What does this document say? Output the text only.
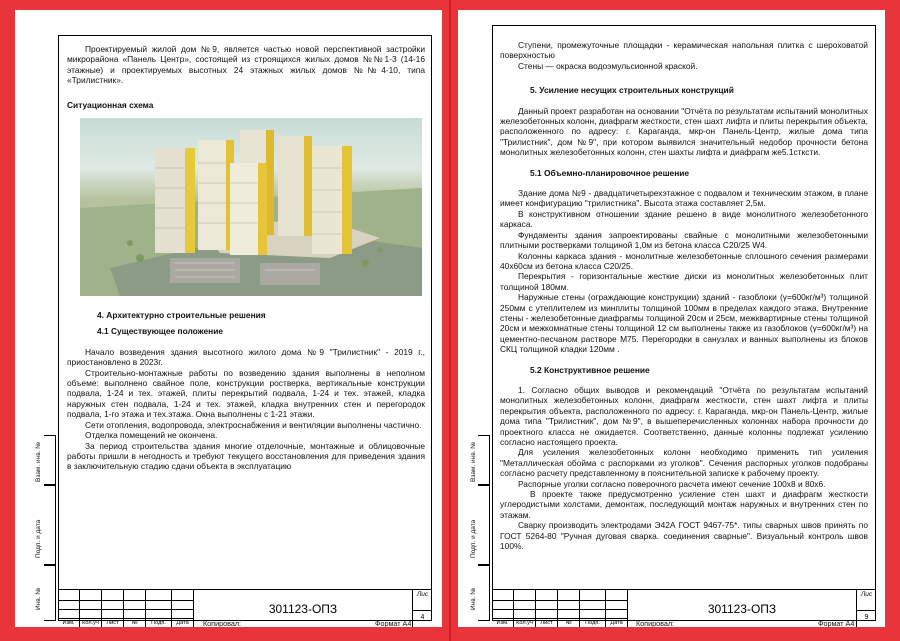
Проектируемый жилой дом №9, является частью новой перспективной застройки микрорайона «Панель Центр», состоящей из строящихся жилых домов №№1-3 (14-16 этажные) и проектируемых высотных 24 этажных жилых домов №№4-10, типа «Трилистник».

Ситуационная схема

4. Архитектурно строительные решения

4.1 Существующее положение

Начало возведения здания высотного жилого дома №9 "Трилистник" - 2019 г., приостановлено в 2023г.

Строительно-монтажные работы по возведению здания выполнены в неполном объеме: выполнено свайное поле, конструкции ростверка, вертикальные конструкции подвала, 1-24 и тех. этажей, плиты перекрытий подвала, 1-24 и тех. этажей, кладка наружных стен подвала, 1-24 и тех. этажей, кладка внутренних стен и перегородок подвала, 1-го этажа и тех.этажа. Окна выполнены с 1-21 этажи.

Сети отопления, водопровода, электроснабжения и вентиляции выполнены частично.

Отделка помещений не окончена.

За период строительства здания многие отделочные, монтажные и облицовочные работы пришли в негодность и требуют текущего восстановления для приведения здания в заключительную стадию сдачи объекта в эксплуатацию

Взам. инв. №
Подп. и дата
Инв. №
Изм.	Кол.уч	Лист	№	Подп.	Дата
301123-ОПЗ
Лис
4
Копировал:	Формат А4

Ступени, промежуточные площадки - керамическая напольная плитка с шероховатой поверхностью

Стены — окраска водоэмульсионной краской.

5. Усиление несущих строительных конструкций

Данный проект разработан на основании "Отчёта по результатам испытаний монолитных железобетонных колонн, диафрагм жесткости, стен шахт лифта и плиты перекрытия объекта, расположенного по адресу: г. Караганда, мкр-он Панель-Центр, жилые дома типа "Трилистник", дом №9", при котором выявился значительный недобор прочности бетона монолитных железобетонных колонн, стен шахты лифта и диафрагм же5.1стксти.

5.1 Объемно-планировочное решение

Здание дома №9 - двадцатичетырехэтажное с подвалом и техническим этажом, в плане имеет конфигурацию "трилистника". Высота этажа составляет 2,5м.

В конструктивном отношении здание решено в виде монолитного железобетонного каркаса.

Фундаменты здания запроектированы свайные с монолитными железобетонными плитными ростверками толщиной 1,0м из бетона класса С20/25 W4.

Колонны каркаса здания - монолитные железобетонные сплошного сечения размерами 40х60см из бетона класса С20/25.

Перекрытия - горизонтальные жесткие диски из монолитных железобетонных плит толщиной 180мм.

Наружные стены (ограждающие конструкции) зданий - газоблоки (γ=600кг/м³) толщиной 250мм с утеплителем из минплиты толщиной 100мм в пределах каждого этажа. Внутренние стены - железобетонные диафрагмы толщиной 20см и 25см, межквартирные стены толщиной 20см и межкомнатные стены толщиной 12 см выполнены также из газоблоков (γ=600кг/м³) на цементно-песчаном растворе М75. Перегородки в санузлах и ванных выполнены из блоков СКЦ толщиной кладки 120мм .

5.2 Конструктивное решение

1. Согласно общих выводов и рекомендаций "Отчёта по результатам испытаний монолитных железобетонных колонн, диафрагм жесткости, стен шахт лифта и плиты перекрытия объекта, расположенного по адресу: г. Караганда, мкр-он Панель-Центр, жилые дома типа "Трилистник", дом №9", в вышеперечисленных колоннах набора прочности до проектного класса не ожидается. Соответственно, данные колонны подлежат усилению согласно настоящего проекта.

Для усиления железобетонных колонн необходимо применить тип усиления "Металлическая обойма с распорками из уголков". Сечения распорных уголков подобраны согласно расчету представленному в пояснительной записке к рабочему проекту.

Распорные уголки согласно поверочного расчета имеют сечение 100х8 и 80х6.

В проекте также предусмотренно усиление стен шахт и диафрагм жесткости углеродистыми холстами, демонтаж, последующий монтаж наружных и внутренних стен по этажам.

Сварку производить электродами Э42А ГОСТ 9467-75*. типы сварных швов принять по ГОСТ 5264-80 "Ручная дуговая сварка. соединения сварные". Визуальный контроль швов 100%.

Взам. инв. №
Подп. и дата
Инв. №
Изм.	Кол.уч	Лист	№	Подп.	Дата
301123-ОПЗ
Лис
9
Копировал:	Формат А4
